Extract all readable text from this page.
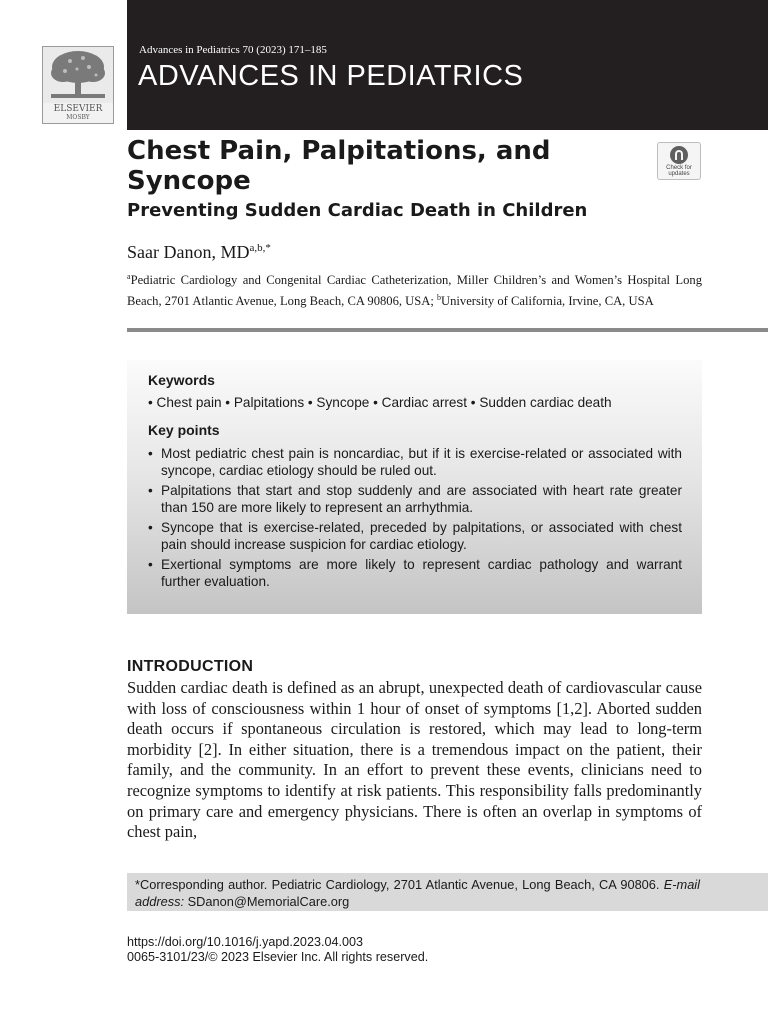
ELSEVIER
MOSBY
Advances in Pediatrics 70 (2023) 171–185
ADVANCES IN PEDIATRICS
Chest Pain, Palpitations, and Syncope	Check for
updates
Preventing Sudden Cardiac Death in Children
Saar Danon, $MD^{a,b,*}$
$^a$Pediatric Cardiology and Congenital Cardiac Catheterization, Miller Children’s and Women’s Hospital Long Beach, 2701 Atlantic Avenue, Long Beach, CA 90806, USA; $^b$University of California, Irvine, CA, USA
Keywords
• Chest pain • Palpitations • Syncope • Cardiac arrest • Sudden cardiac death
Key points
• Most pediatric chest pain is noncardiac, but if it is exercise-related or associated with syncope, cardiac etiology should be ruled out.
• Palpitations that start and stop suddenly and are associated with heart rate greater than 150 are more likely to represent an arrhythmia.
• Syncope that is exercise-related, preceded by palpitations, or associated with chest pain should increase suspicion for cardiac etiology.
• Exertional symptoms are more likely to represent cardiac pathology and warrant further evaluation.
INTRODUCTION

Sudden cardiac death is defined as an abrupt, unexpected death of cardiovascular cause with loss of consciousness within 1 hour of onset of symptoms [1,2]. Aborted sudden death occurs if spontaneous circulation is restored, which may lead to long-term morbidity [2]. In either situation, there is a tremendous impact on the patient, their family, and the community. In an effort to prevent these events, clinicians need to recognize symptoms to identify at risk patients. This responsibility falls predominantly on primary care and emergency physicians. There is often an overlap in symptoms of chest pain,

*Corresponding author. Pediatric Cardiology, 2701 Atlantic Avenue, Long Beach, CA 90806. E-mail address: SDanon@MemorialCare.org
https://doi.org/10.1016/j.yapd.2023.04.003
0065-3101/23/© 2023 Elsevier Inc. All rights reserved.
